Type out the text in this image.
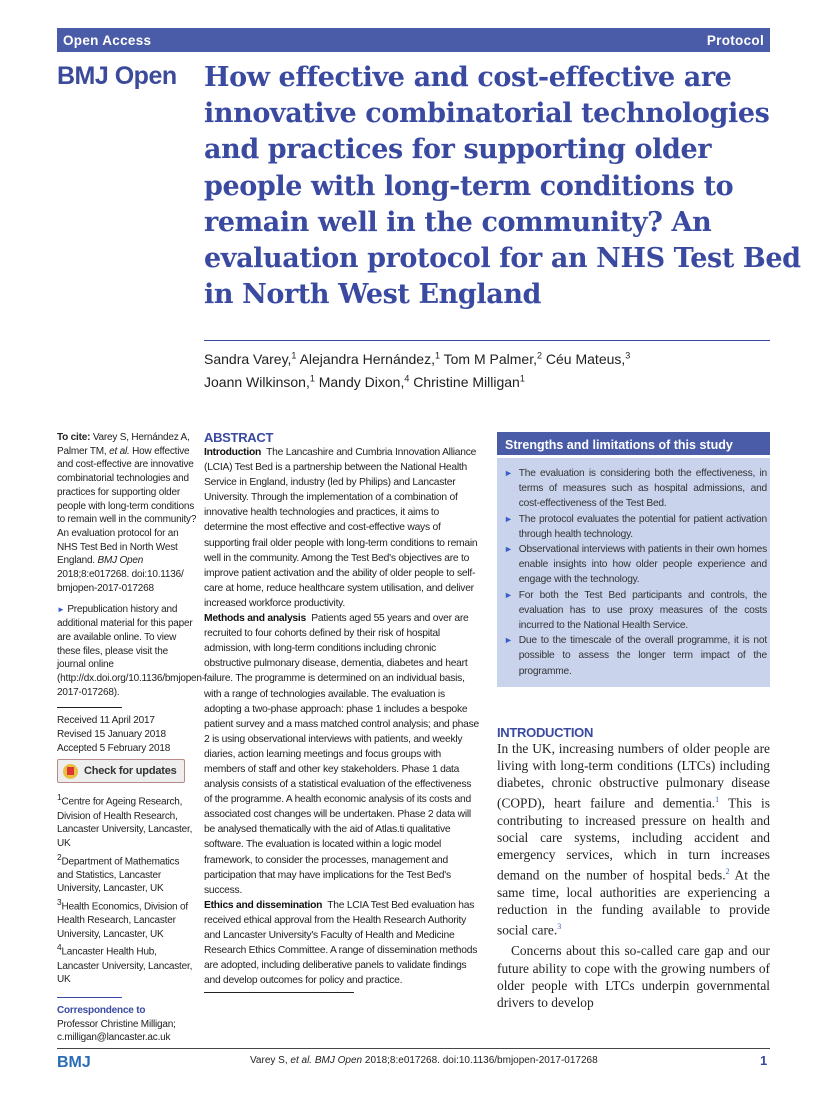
Open Access	Protocol
BMJ Open How effective and cost-effective are
innovative combinatorial technologies
and practices for supporting older
people with long-term conditions to
remain well in the community? An
evaluation protocol for an NHS Test Bed
in North West England
Sandra Varey,$^1$ Alejandra Hernández,$^1$ Tom M Palmer,$^2$ Céu Mateus,$^3$
Joann Wilkinson,$^1$ Mandy Dixon,$^4$ Christine Milligan$^1$

To cite: Varey S, Hernández A, Palmer TM, et al. How effective and cost-effective are innovative combinatorial technologies and practices for supporting older people with long-term conditions to remain well in the community? An evaluation protocol for an NHS Test Bed in North West England. BMJ Open 2018;8:e017268. doi:10.1136/ bmjopen-2017-017268

► Prepublication history and additional material for this paper are available online. To view these files, please visit the journal online (http://dx.doi.org/10.1136/bmjopen-2017-017268).

Received 11 April 2017
Revised 15 January 2018
Accepted 5 February 2018
Check for updates
$^1$Centre for Ageing Research, Division of Health Research, Lancaster University, Lancaster, UK
$^2$Department of Mathematics and Statistics, Lancaster University, Lancaster, UK
$^3$Health Economics, Division of Health Research, Lancaster University, Lancaster, UK
$^4$Lancaster Health Hub, Lancaster University, Lancaster, UK
Correspondence to
Professor Christine Milligan;
c.milligan@lancaster.ac.uk
ABSTRACT

Introduction The Lancashire and Cumbria Innovation Alliance (LCIA) Test Bed is a partnership between the National Health Service in England, industry (led by Philips) and Lancaster University. Through the implementation of a combination of innovative health technologies and practices, it aims to determine the most effective and cost-effective ways of supporting frail older people with long-term conditions to remain well in the community. Among the Test Bed's objectives are to improve patient activation and the ability of older people to self-care at home, reduce healthcare system utilisation, and deliver increased workforce productivity.

Methods and analysis Patients aged 55 years and over are recruited to four cohorts defined by their risk of hospital admission, with long-term conditions including chronic obstructive pulmonary disease, dementia, diabetes and heart failure. The programme is determined on an individual basis, with a range of technologies available. The evaluation is adopting a two-phase approach: phase 1 includes a bespoke patient survey and a mass matched control analysis; and phase 2 is using observational interviews with patients, and weekly diaries, action learning meetings and focus groups with members of staff and other key stakeholders. Phase 1 data analysis consists of a statistical evaluation of the effectiveness of the programme. A health economic analysis of its costs and associated cost changes will be undertaken. Phase 2 data will be analysed thematically with the aid of Atlas.ti qualitative software. The evaluation is located within a logic model framework, to consider the processes, management and participation that may have implications for the Test Bed's success.

Ethics and dissemination The LCIA Test Bed evaluation has received ethical approval from the Health Research Authority and Lancaster University's Faculty of Health and Medicine Research Ethics Committee. A range of dissemination methods are adopted, including deliberative panels to validate findings and develop outcomes for policy and practice.

Strengths and limitations of this study
► The evaluation is considering both the effectiveness, in terms of measures such as hospital admissions, and cost-effectiveness of the Test Bed.
► The protocol evaluates the potential for patient activation through health technology.
► Observational interviews with patients in their own homes enable insights into how older people experience and engage with the technology.
► For both the Test Bed participants and controls, the evaluation has to use proxy measures of the costs incurred to the National Health Service.
► Due to the timescale of the overall programme, it is not possible to assess the longer term impact of the programme.
INTRODUCTION

In the UK, increasing numbers of older people are living with long-term conditions (LTCs) including diabetes, chronic obstructive pulmonary disease (COPD), heart failure and dementia.$^1$ This is contributing to increased pressure on health and social care systems, including accident and emergency services, which in turn increases demand on the number of hospital beds.$^2$ At the same time, local authorities are experiencing a reduction in the funding available to provide social care.$^3$

Concerns about this so-called care gap and our future ability to cope with the growing numbers of older people with LTCs underpin governmental drivers to develop

BMJ	Varey S, et al. BMJ Open 2018;8:e017268. doi:10.1136/bmjopen-2017-017268	1
